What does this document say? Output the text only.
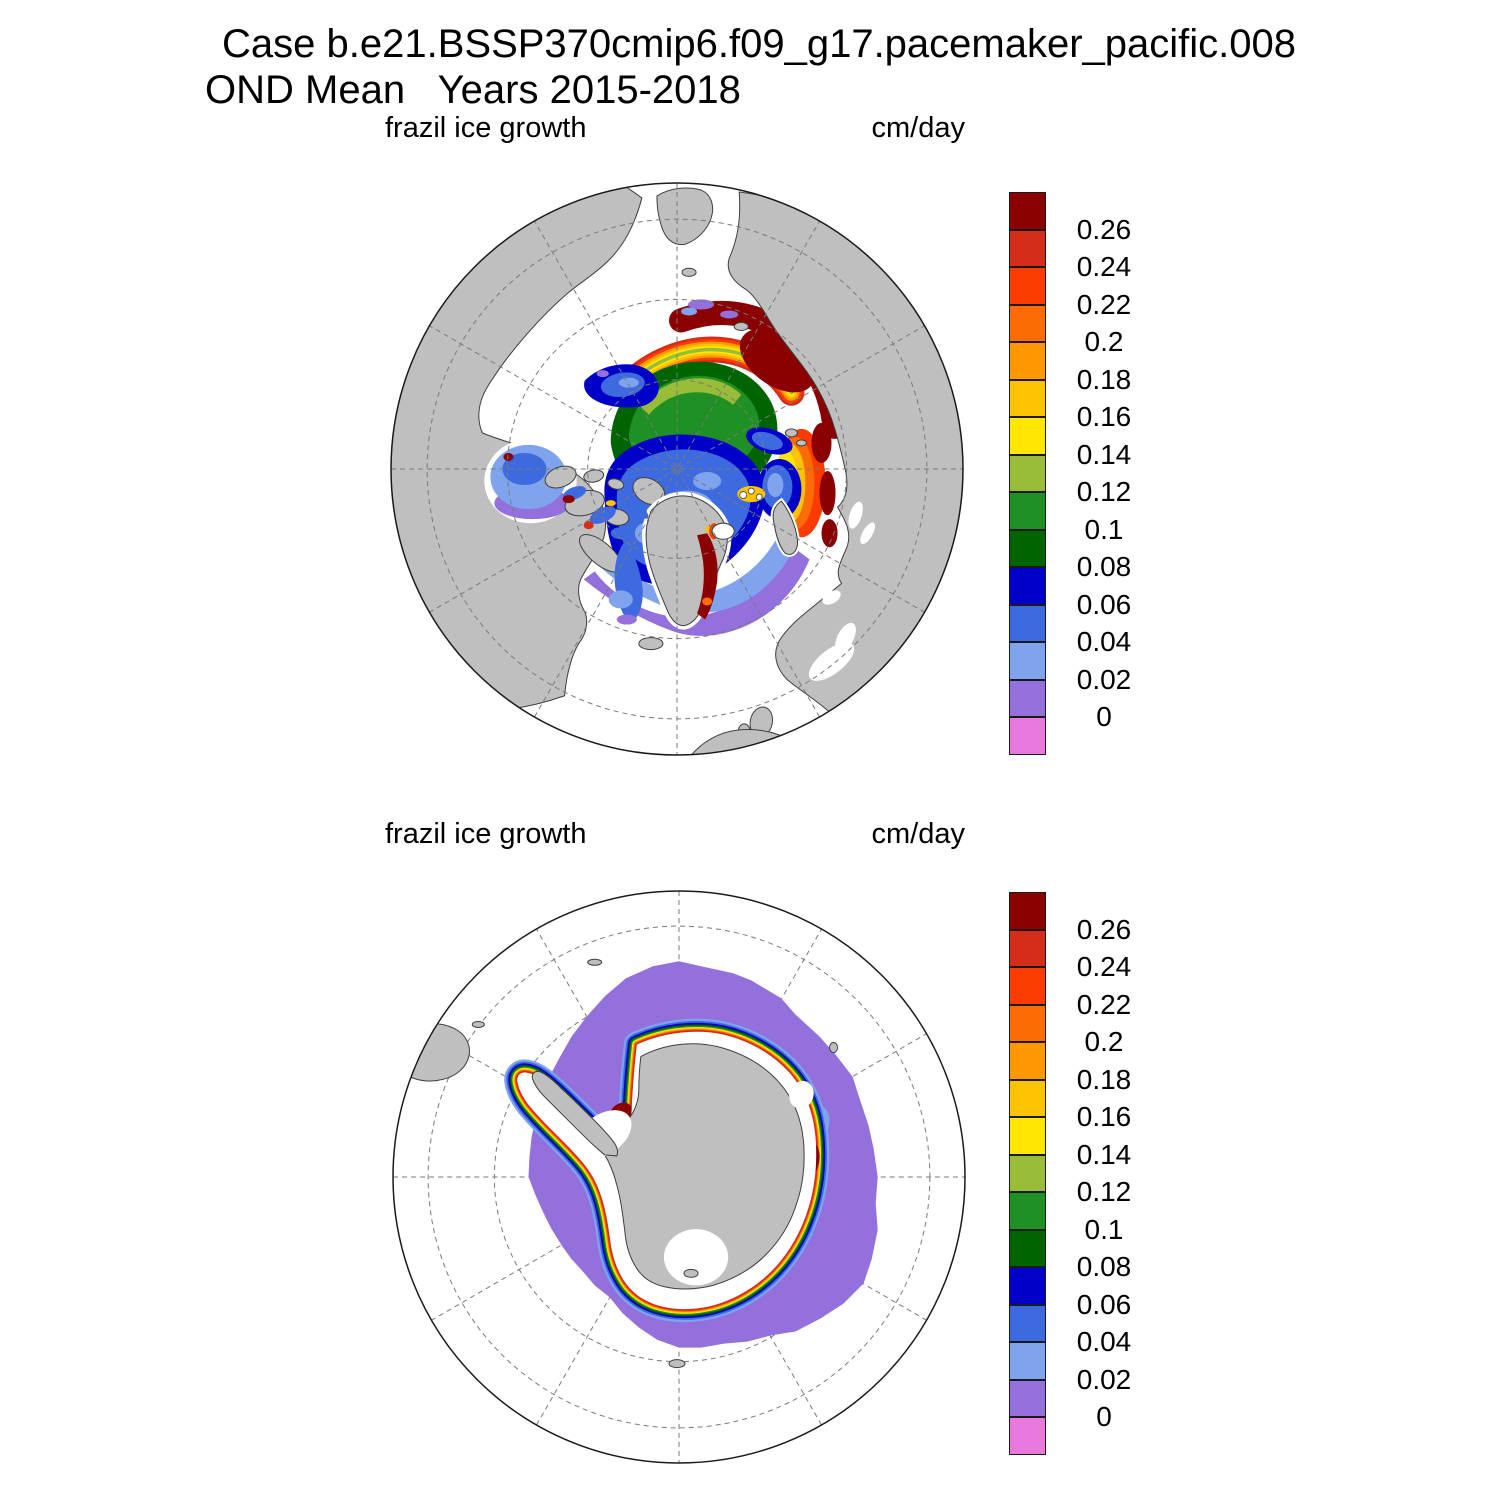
Case b.e21.BSSP370cmip6.f09_g17.pacemaker_pacific.008
OND Mean   Years 2015-2018
frazil ice growth	cm/day
0.26
0.24
0.22
0.2
0.18
0.16
0.14
0.12
0.1
0.08
0.06
0.04
0.02
0
frazil ice growth	cm/day
0.26
0.24
0.22
0.2
0.18
0.16
0.14
0.12
0.1
0.08
0.06
0.04
0.02
0
